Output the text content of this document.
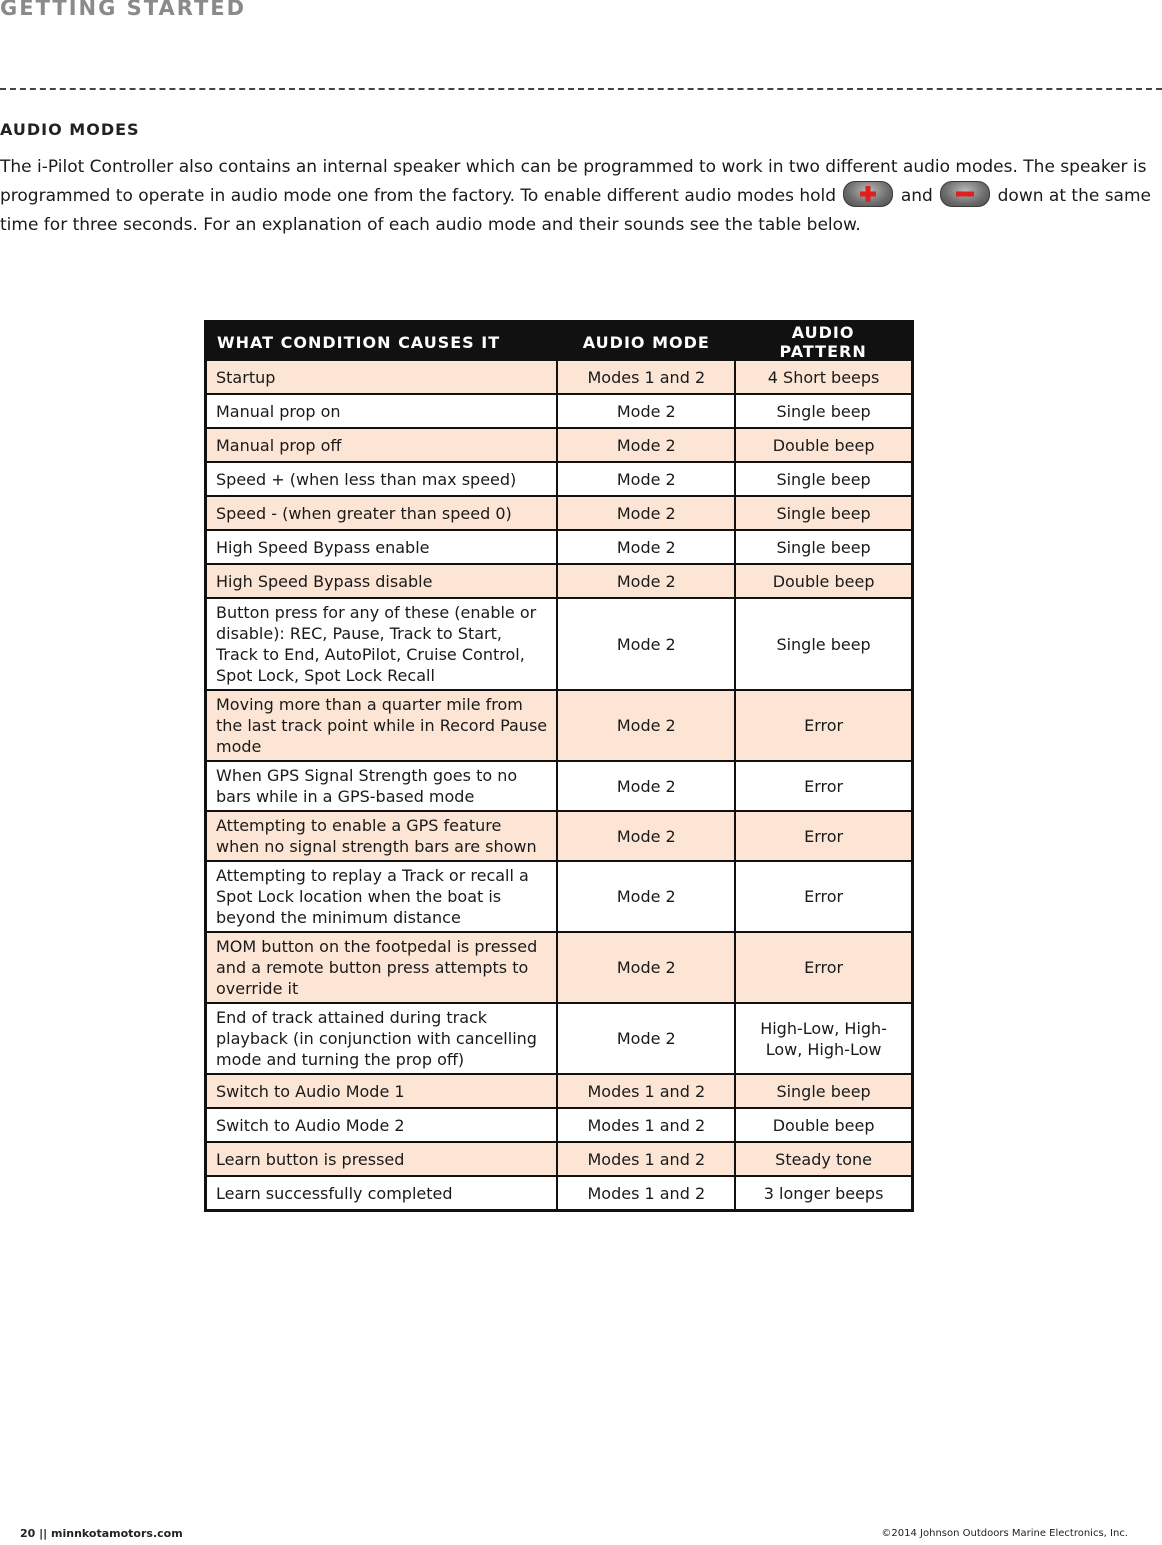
GETTING STARTED
AUDIO MODES

The i-Pilot Controller also contains an internal speaker which can be programmed to work in two different audio modes. The speaker is programmed to operate in audio mode one from the factory. To enable different audio modes hold	and	down at the same time for three seconds. For an explanation of each audio mode and their sounds see the table below.

WHAT CONDITION CAUSES IT	AUDIO MODE	AUDIO PATTERN
Startup	Modes 1 and 2	4 Short beeps
Manual prop on	Mode 2	Single beep
Manual prop off	Mode 2	Double beep
Speed + (when less than max speed)	Mode 2	Single beep
Speed - (when greater than speed 0)	Mode 2	Single beep
High Speed Bypass enable	Mode 2	Single beep
High Speed Bypass disable	Mode 2	Double beep
Button press for any of these (enable or disable): REC, Pause, Track to Start, Track to End, AutoPilot, Cruise Control, Spot Lock, Spot Lock Recall	Mode 2	Single beep
Moving more than a quarter mile from the last track point while in Record Pause mode	Mode 2	Error
When GPS Signal Strength goes to no bars while in a GPS-based mode	Mode 2	Error
Attempting to enable a GPS feature when no signal strength bars are shown	Mode 2	Error
Attempting to replay a Track or recall a Spot Lock location when the boat is beyond the minimum distance	Mode 2	Error
MOM button on the footpedal is pressed and a remote button press attempts to override it	Mode 2	Error
End of track attained during track playback (in conjunction with cancelling mode and turning the prop off)	Mode 2	High-Low, High-Low, High-Low
Switch to Audio Mode 1	Modes 1 and 2	Single beep
Switch to Audio Mode 2	Modes 1 and 2	Double beep
Learn button is pressed	Modes 1 and 2	Steady tone
Learn successfully completed	Modes 1 and 2	3 longer beeps
20 || minnkotamotors.com	©2014 Johnson Outdoors Marine Electronics, Inc.
